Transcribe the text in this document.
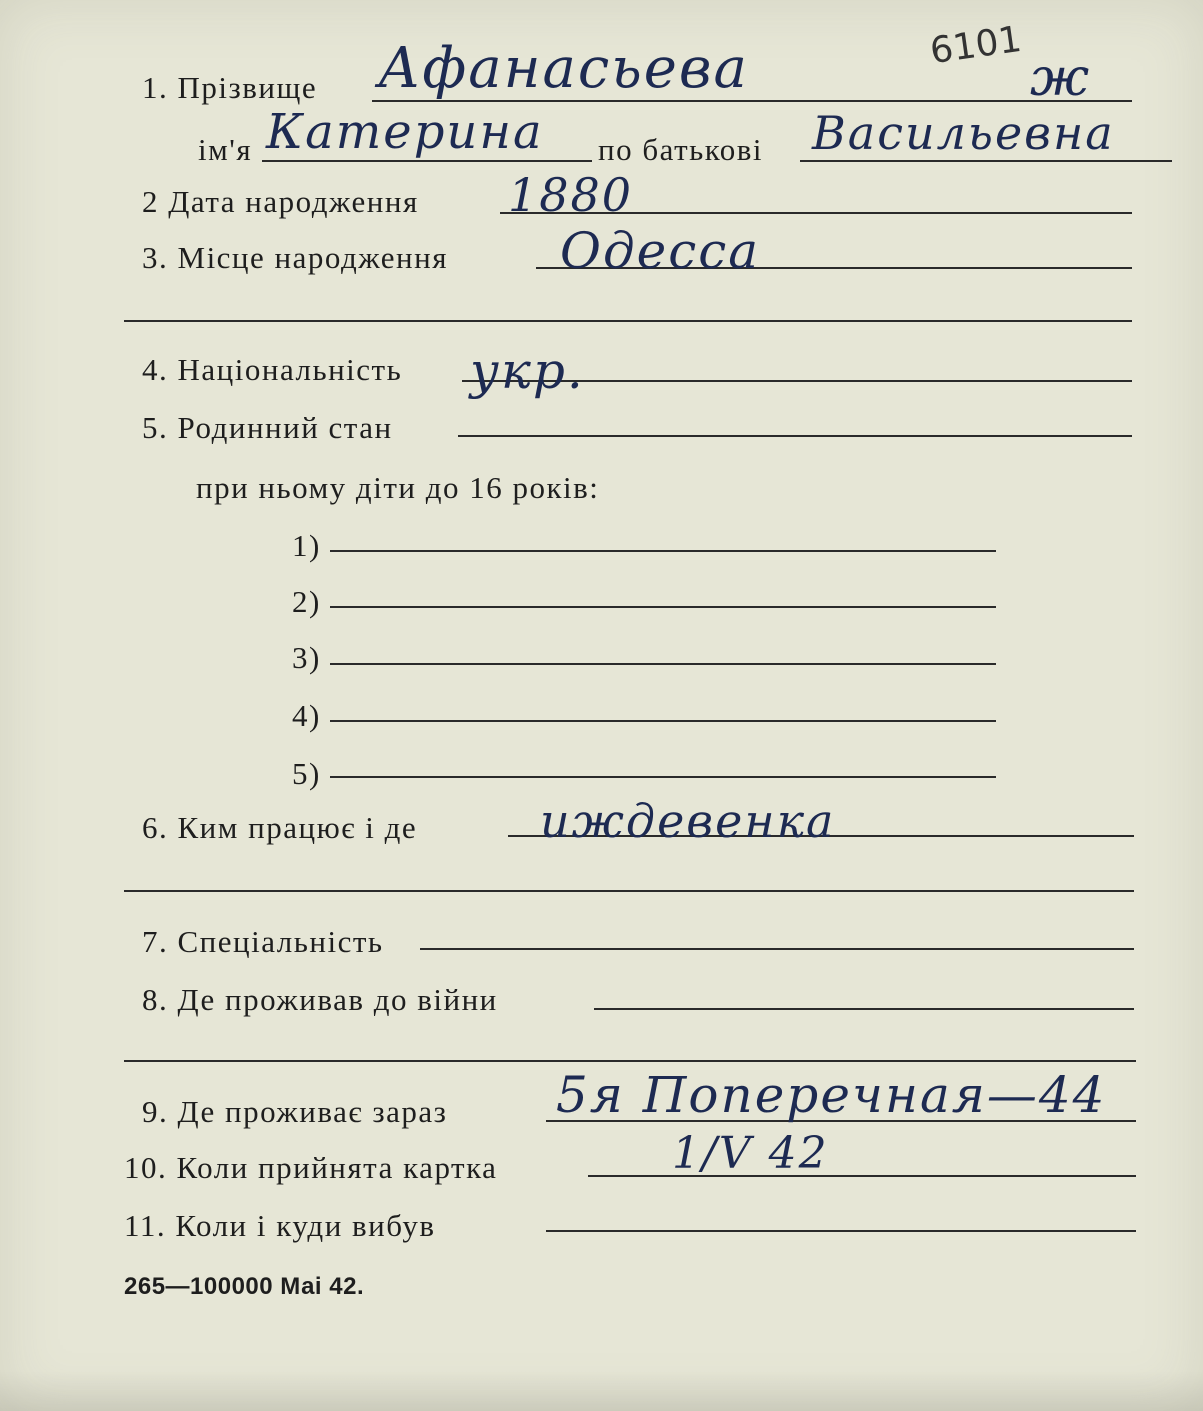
1. Прізвище Афанасьева	ж
6101
ім'я Катерина по батькові Васильевна
2 Дата народження 1880
3. Місце народження Одесса
4. Національність укр.
5. Родинний стан
при ньому діти до 16 років:
1)
2)
3)
4)
5)
6. Ким працює і де	иждевенка
7. Спеціальність
8. Де проживав до війни
9. Де проживає зараз 5я Поперечная—44
10. Коли прийнята картка	1/V 42
11. Коли і куди вибув
265—100000 Маі 42.
